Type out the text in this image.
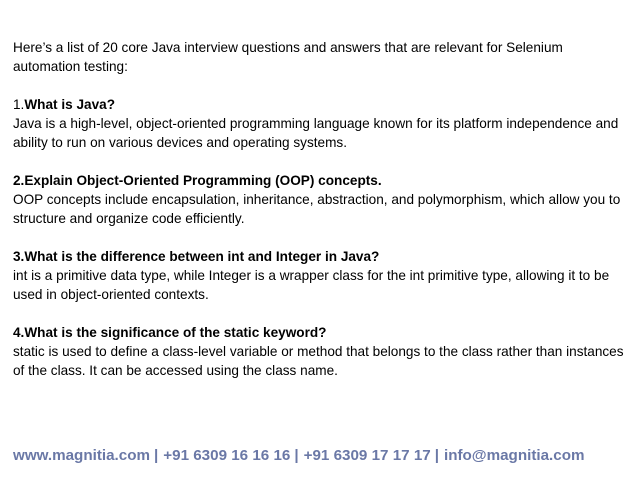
Here’s a list of 20 core Java interview questions and answers that are relevant for Selenium automation testing:

1.What is Java?

Java is a high-level, object-oriented programming language known for its platform independence and ability to run on various devices and operating systems.

2.Explain Object-Oriented Programming (OOP) concepts.

OOP concepts include encapsulation, inheritance, abstraction, and polymorphism, which allow you to structure and organize code efficiently.

3.What is the difference between int and Integer in Java?

int is a primitive data type, while Integer is a wrapper class for the int primitive type, allowing it to be used in object-oriented contexts.

4.What is the significance of the static keyword?

static is used to define a class-level variable or method that belongs to the class rather than instances of the class. It can be accessed using the class name.

www.magnitia.com | +91 6309 16 16 16 | +91 6309 17 17 17 | info@magnitia.com
